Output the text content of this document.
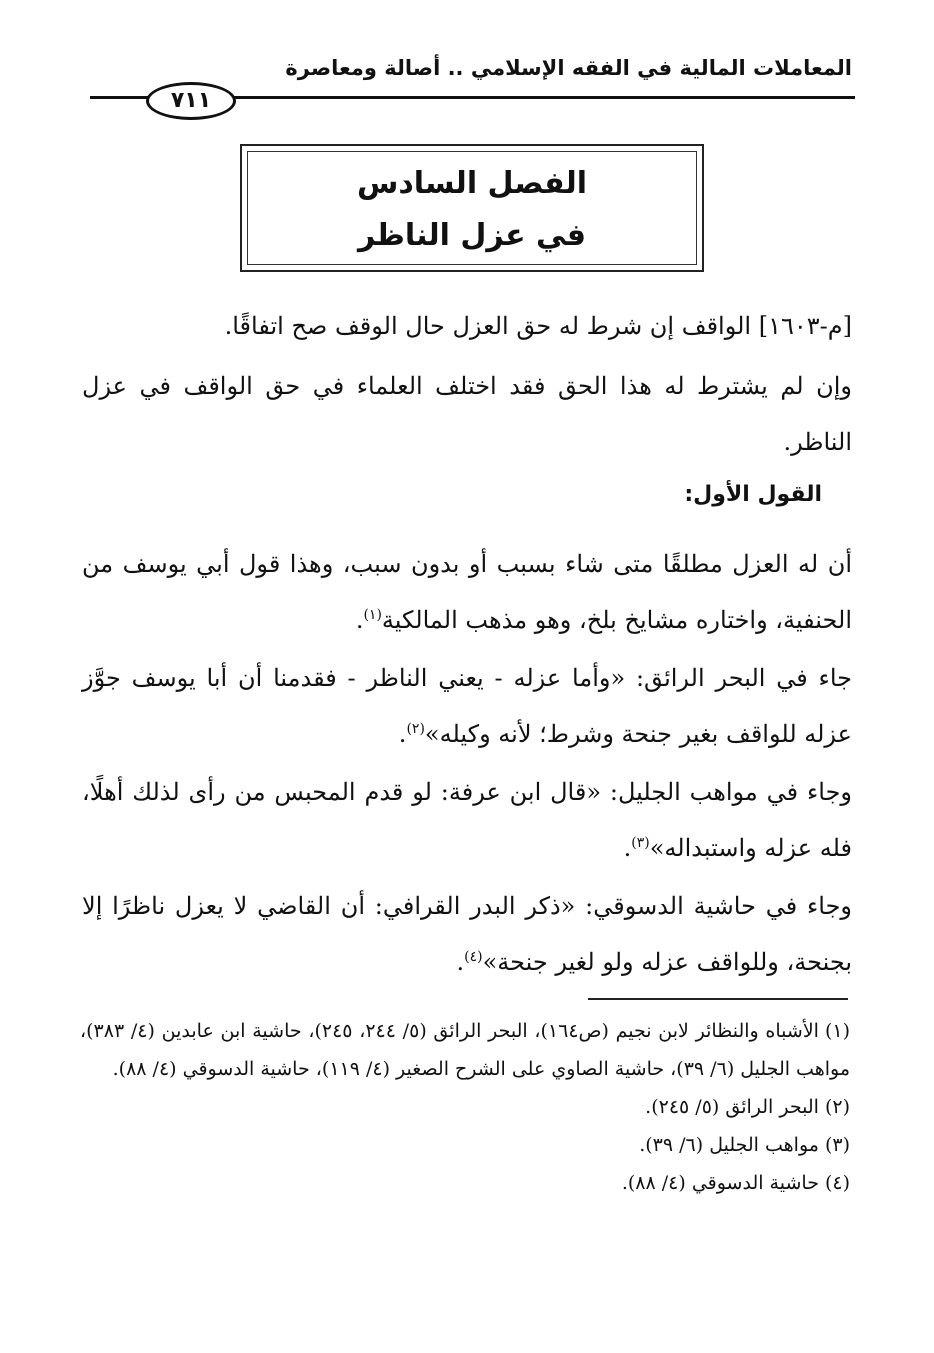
المعاملات المالية في الفقه الإسلامي .. أصالة ومعاصرة
٧١١
الفصل السادس
في عزل الناظر
[م-١٦٠٣] الواقف إن شرط له حق العزل حال الوقف صح اتفاقًا.
وإن لم يشترط له هذا الحق فقد اختلف العلماء في حق الواقف في عزل الناظر.
القول الأول:
أن له العزل مطلقًا متى شاء بسبب أو بدون سبب، وهذا قول أبي يوسف من الحنفية، واختاره مشايخ بلخ، وهو مذهب المالكية$^{(١)}$.
جاء في البحر الرائق: «وأما عزله - يعني الناظر - فقدمنا أن أبا يوسف جوَّز عزله للواقف بغير جنحة وشرط؛ لأنه وكيله»$^{(٢)}$.
وجاء في مواهب الجليل: «قال ابن عرفة: لو قدم المحبس من رأى لذلك أهلًا، فله عزله واستبداله»$^{(٣)}$.
وجاء في حاشية الدسوقي: «ذكر البدر القرافي: أن القاضي لا يعزل ناظرًا إلا بجنحة، وللواقف عزله ولو لغير جنحة»$^{(٤)}$.
(١)الأشباه والنظائر لابن نجيم (ص١٦٤)، البحر الرائق (٥/ ٢٤٤، ٢٤٥)، حاشية ابن عابدين (٤/ ٣٨٣)، مواهب الجليل (٦/ ٣٩)، حاشية الصاوي على الشرح الصغير (٤/ ١١٩)، حاشية الدسوقي (٤/ ٨٨).
(٢)البحر الرائق (٥/ ٢٤٥).
(٣)مواهب الجليل (٦/ ٣٩).
(٤)حاشية الدسوقي (٤/ ٨٨).
